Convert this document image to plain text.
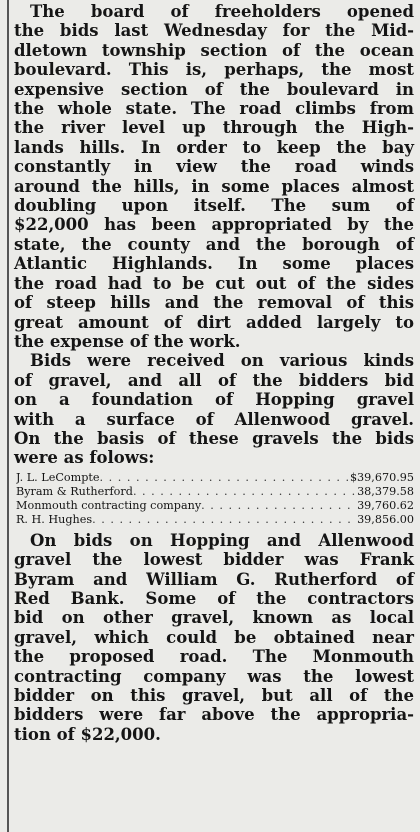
The board of freeholders opened
the bids last Wednesday for the Mid-
dletown township section of the ocean
boulevard. This is, perhaps, the most
expensive section of the boulevard in
the whole state. The road climbs from
the river level up through the High-
lands hills. In order to keep the bay
constantly in view the road winds
around the hills, in some places almost
doubling upon itself. The sum of
$22,000 has been appropriated by the
state, the county and the borough of
Atlantic Highlands. In some places
the road had to be cut out of the sides
of steep hills and the removal of this
great amount of dirt added largely to
the expense of the work.
Bids were received on various kinds
of gravel, and all of the bidders bid
on a foundation of Hopping gravel
with a surface of Allenwood gravel.
On the basis of these gravels the bids
were as folows:
J. L. LeCompte . . .	$39,670.95
Byram & Rutherford . . .	38,379.58
Monmouth contracting company . . .	39,760.62
R. H. Hughes . . .	39,856.00
On bids on Hopping and Allenwood
gravel the lowest bidder was Frank
Byram and William G. Rutherford of
Red Bank. Some of the contractors
bid on other gravel, known as local
gravel, which could be obtained near
the proposed road. The Monmouth
contracting company was the lowest
bidder on this gravel, but all of the
bidders were far above the appropria-
tion of $22,000.
